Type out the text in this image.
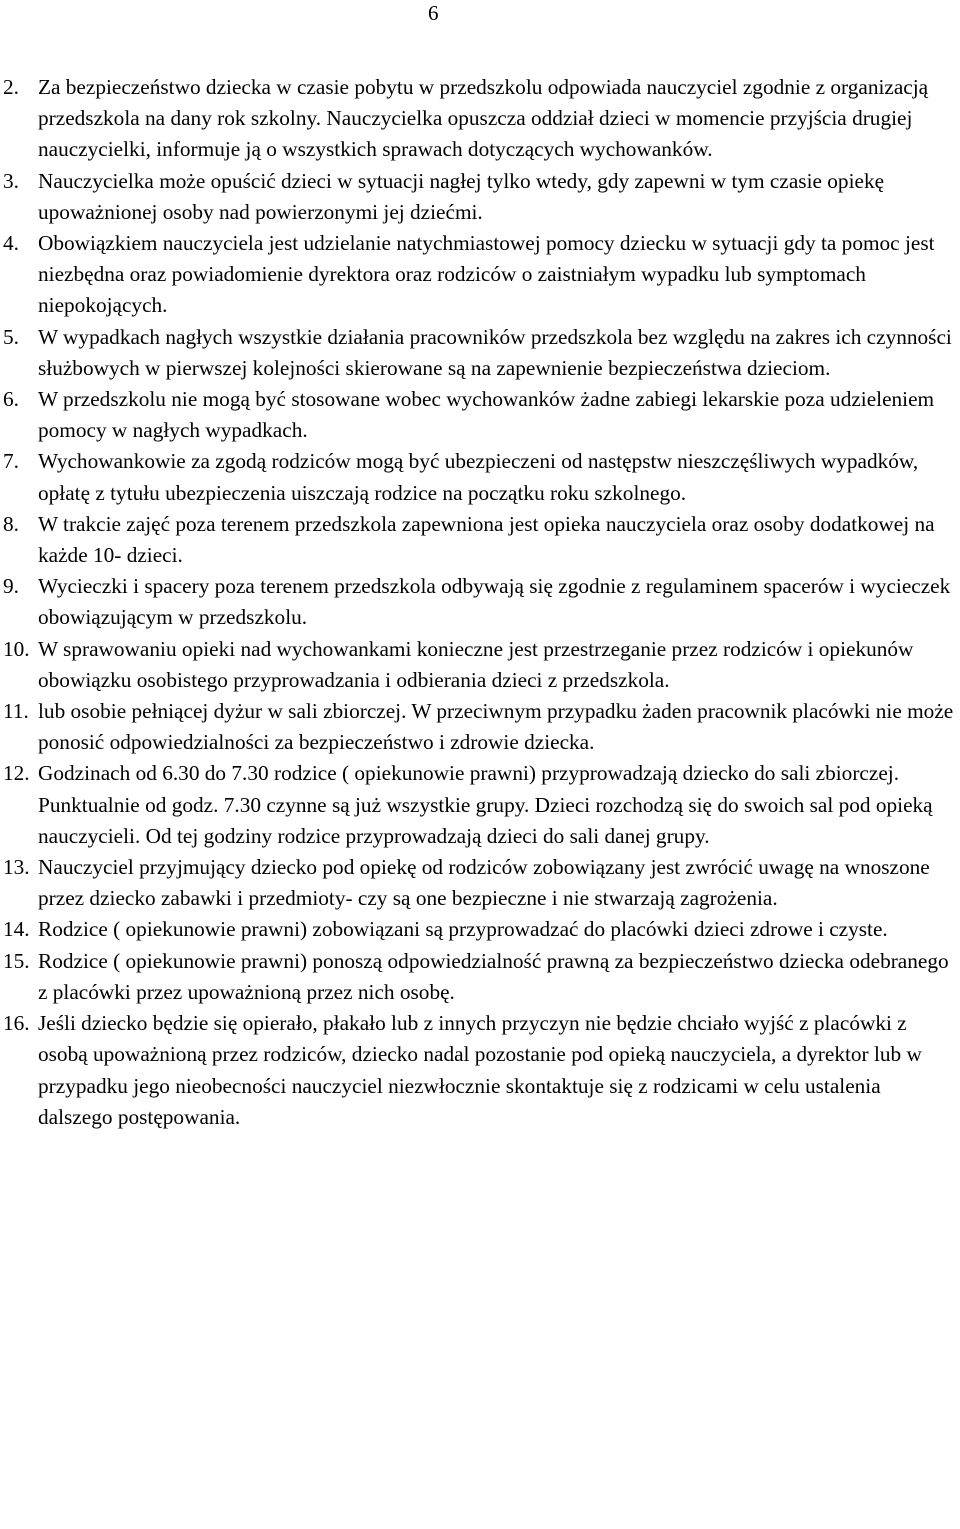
6
2. Za bezpieczeństwo dziecka w czasie pobytu w przedszkolu odpowiada nauczyciel zgodnie z organizacją przedszkola na dany rok szkolny. Nauczycielka opuszcza oddział dzieci w momencie przyjścia drugiej nauczycielki, informuje ją o wszystkich sprawach dotyczących wychowanków.

3. Nauczycielka może opuścić dzieci w sytuacji nagłej tylko wtedy, gdy zapewni w tym czasie opiekę upoważnionej osoby nad powierzonymi jej dziećmi.

4. Obowiązkiem nauczyciela jest udzielanie natychmiastowej pomocy dziecku w sytuacji gdy ta pomoc jest niezbędna oraz powiadomienie dyrektora oraz rodziców o zaistniałym wypadku lub symptomach niepokojących.

5. W wypadkach nagłych wszystkie działania pracowników przedszkola bez względu na zakres ich czynności służbowych w pierwszej kolejności skierowane są na zapewnienie bezpieczeństwa dzieciom.

6. W przedszkolu nie mogą być stosowane wobec wychowanków żadne zabiegi lekarskie poza udzieleniem pomocy w nagłych wypadkach.

7. Wychowankowie za zgodą rodziców mogą być ubezpieczeni od następstw nieszczęśliwych wypadków, opłatę z tytułu ubezpieczenia uiszczają rodzice na początku roku szkolnego.

8. W trakcie zajęć poza terenem przedszkola zapewniona jest opieka nauczyciela oraz osoby dodatkowej na każde 10- dzieci.

9. Wycieczki i spacery poza terenem przedszkola odbywają się zgodnie z regulaminem spacerów i wycieczek obowiązującym w przedszkolu.

10. W sprawowaniu opieki nad wychowankami konieczne jest przestrzeganie przez rodziców i opiekunów obowiązku osobistego przyprowadzania i odbierania dzieci z przedszkola.

11. lub osobie pełniącej dyżur w sali zbiorczej. W przeciwnym przypadku żaden pracownik placówki nie może ponosić odpowiedzialności za bezpieczeństwo i zdrowie dziecka.

12. Godzinach od 6.30 do 7.30 rodzice ( opiekunowie prawni) przyprowadzają dziecko do sali zbiorczej. Punktualnie od godz. 7.30 czynne są już wszystkie grupy. Dzieci rozchodzą się do swoich sal pod opieką nauczycieli. Od tej godziny rodzice przyprowadzają dzieci do sali danej grupy.

13. Nauczyciel przyjmujący dziecko pod opiekę od rodziców zobowiązany jest zwrócić uwagę na wnoszone przez dziecko zabawki i przedmioty- czy są one bezpieczne i nie stwarzają zagrożenia.

14. Rodzice ( opiekunowie prawni) zobowiązani są przyprowadzać do placówki dzieci zdrowe i czyste.

15. Rodzice ( opiekunowie prawni) ponoszą odpowiedzialność prawną za bezpieczeństwo dziecka odebranego z placówki przez upoważnioną przez nich osobę.

16. Jeśli dziecko będzie się opierało, płakało lub z innych przyczyn nie będzie chciało wyjść z placówki z osobą upoważnioną przez rodziców, dziecko nadal pozostanie pod opieką nauczyciela, a dyrektor lub w przypadku jego nieobecności nauczyciel niezwłocznie skontaktuje się z rodzicami w celu ustalenia dalszego postępowania.
